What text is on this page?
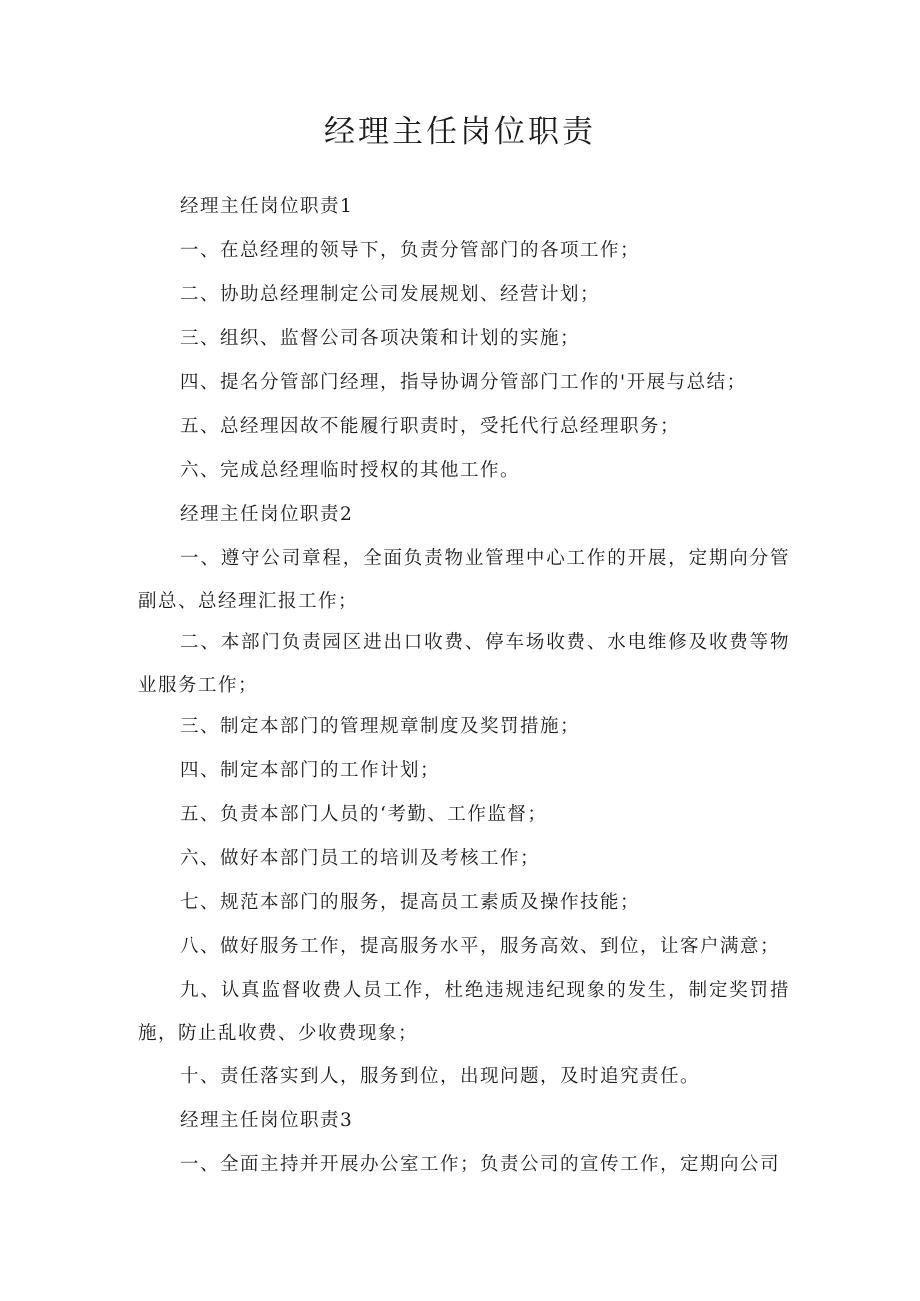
经理主任岗位职责

经理主任岗位职责1

一、在总经理的领导下，负责分管部门的各项工作；

二、协助总经理制定公司发展规划、经营计划；

三、组织、监督公司各项决策和计划的实施；

四、提名分管部门经理，指导协调分管部门工作的'开展与总结；

五、总经理因故不能履行职责时，受托代行总经理职务；

六、完成总经理临时授权的其他工作。

经理主任岗位职责2

一、遵守公司章程，全面负责物业管理中心工作的开展，定期向分管副总、总经理汇报工作；

二、本部门负责园区进出口收费、停车场收费、水电维修及收费等物业服务工作；

三、制定本部门的管理规章制度及奖罚措施；

四、制定本部门的工作计划；

五、负责本部门人员的‘考勤、工作监督；

六、做好本部门员工的培训及考核工作；

七、规范本部门的服务，提高员工素质及操作技能；

八、做好服务工作，提高服务水平，服务高效、到位，让客户满意；

九、认真监督收费人员工作，杜绝违规违纪现象的发生，制定奖罚措施，防止乱收费、少收费现象；

十、责任落实到人，服务到位，出现问题，及时追究责任。

经理主任岗位职责3

一、全面主持并开展办公室工作；负责公司的宣传工作，定期向公司
